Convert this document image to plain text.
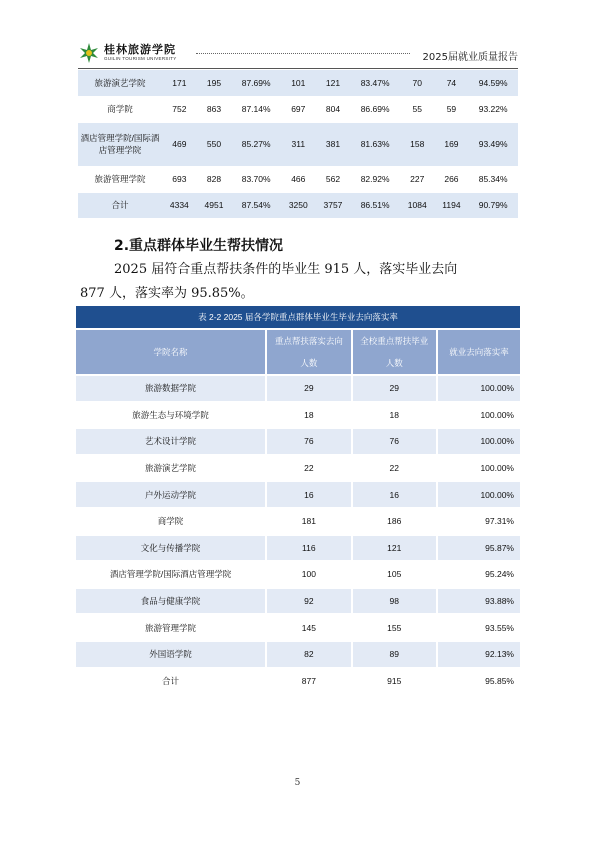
桂林旅游学院
GUILIN TOURISM UNIVERSITY	2025届就业质量报告
旅游演艺学院	171	195	87.69%	101	121	83.47%	70	74	94.59%
商学院	752	863	87.14%	697	804	86.69%	55	59	93.22%
酒店管理学院/国际酒店管理学院	469	550	85.27%	311	381	81.63%	158	169	93.49%
旅游管理学院	693	828	83.70%	466	562	82.92%	227	266	85.34%
合计	4334	4951	87.54%	3250	3757	86.51%	1084	1194	90.79%
2.重点群体毕业生帮扶情况
2025 届符合重点帮扶条件的毕业生 915 人，落实毕业去向
877 人，落实率为 95.85%。
表 2-2 2025 届各学院重点群体毕业生毕业去向落实率
学院名称	重点帮扶落实去向人数	全校重点帮扶毕业人数	就业去向落实率
旅游数据学院	29	29	100.00%
旅游生态与环境学院	18	18	100.00%
艺术设计学院	76	76	100.00%
旅游演艺学院	22	22	100.00%
户外运动学院	16	16	100.00%
商学院	181	186	97.31%
文化与传播学院	116	121	95.87%
酒店管理学院/国际酒店管理学院	100	105	95.24%
食品与健康学院	92	98	93.88%
旅游管理学院	145	155	93.55%
外国语学院	82	89	92.13%
合计	877	915	95.85%
5
